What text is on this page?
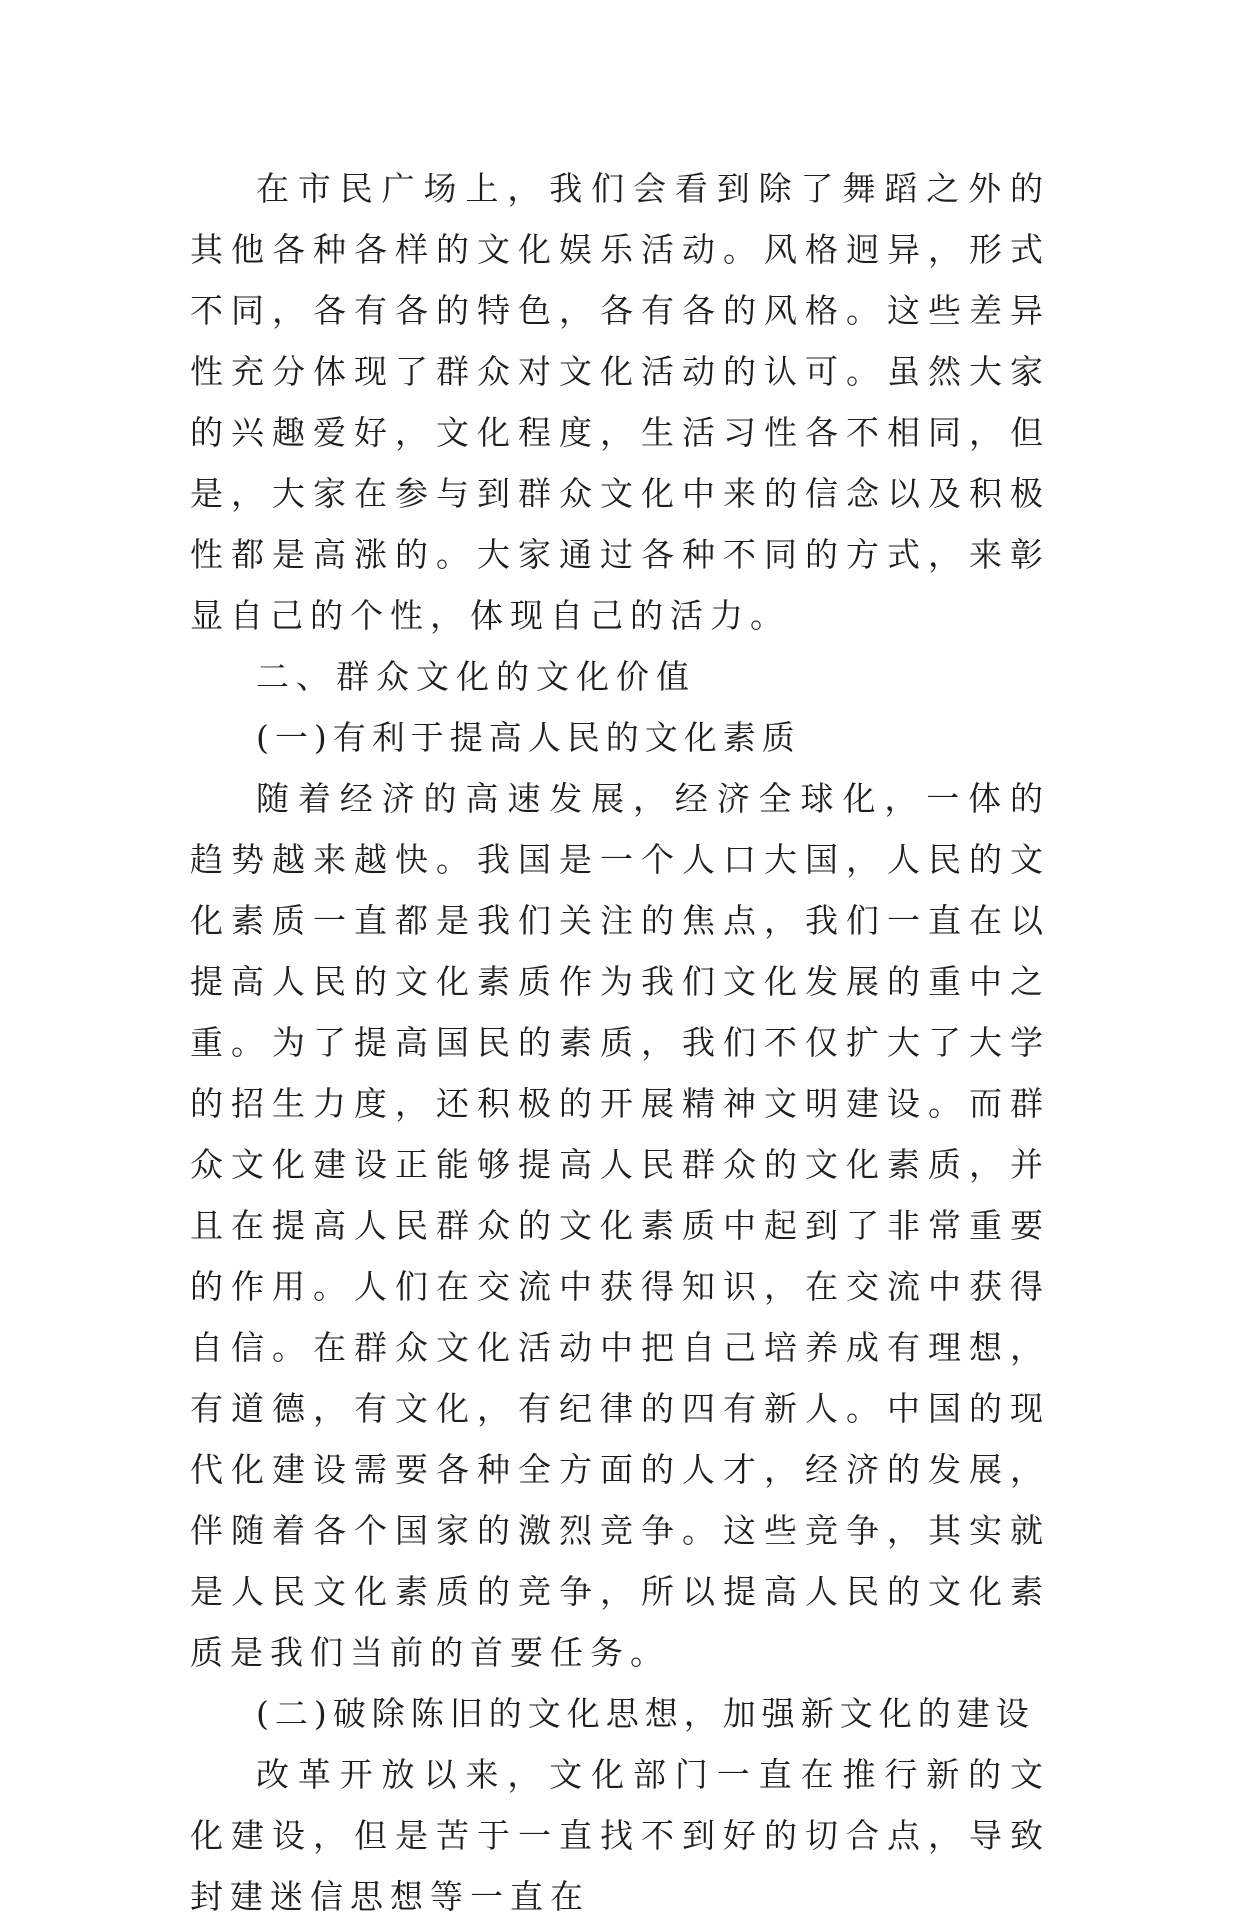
在市民广场上，我们会看到除了舞蹈之外的其他各种各样的文化娱乐活动。风格迥异，形式不同，各有各的特色，各有各的风格。这些差异性充分体现了群众对文化活动的认可。虽然大家的兴趣爱好，文化程度，生活习性各不相同，但是，大家在参与到群众文化中来的信念以及积极性都是高涨的。大家通过各种不同的方式，来彰显自己的个性，体现自己的活力。

二、群众文化的文化价值

(一)有利于提高人民的文化素质

随着经济的高速发展，经济全球化，一体的趋势越来越快。我国是一个人口大国，人民的文化素质一直都是我们关注的焦点，我们一直在以提高人民的文化素质作为我们文化发展的重中之重。为了提高国民的素质，我们不仅扩大了大学的招生力度，还积极的开展精神文明建设。而群众文化建设正能够提高人民群众的文化素质，并且在提高人民群众的文化素质中起到了非常重要的作用。人们在交流中获得知识，在交流中获得自信。在群众文化活动中把自己培养成有理想，有道德，有文化，有纪律的四有新人。中国的现代化建设需要各种全方面的人才，经济的发展，伴随着各个国家的激烈竞争。这些竞争，其实就是人民文化素质的竞争，所以提高人民的文化素质是我们当前的首要任务。

(二)破除陈旧的文化思想，加强新文化的建设

改革开放以来，文化部门一直在推行新的文化建设，但是苦于一直找不到好的切合点，导致封建迷信思想等一直在
